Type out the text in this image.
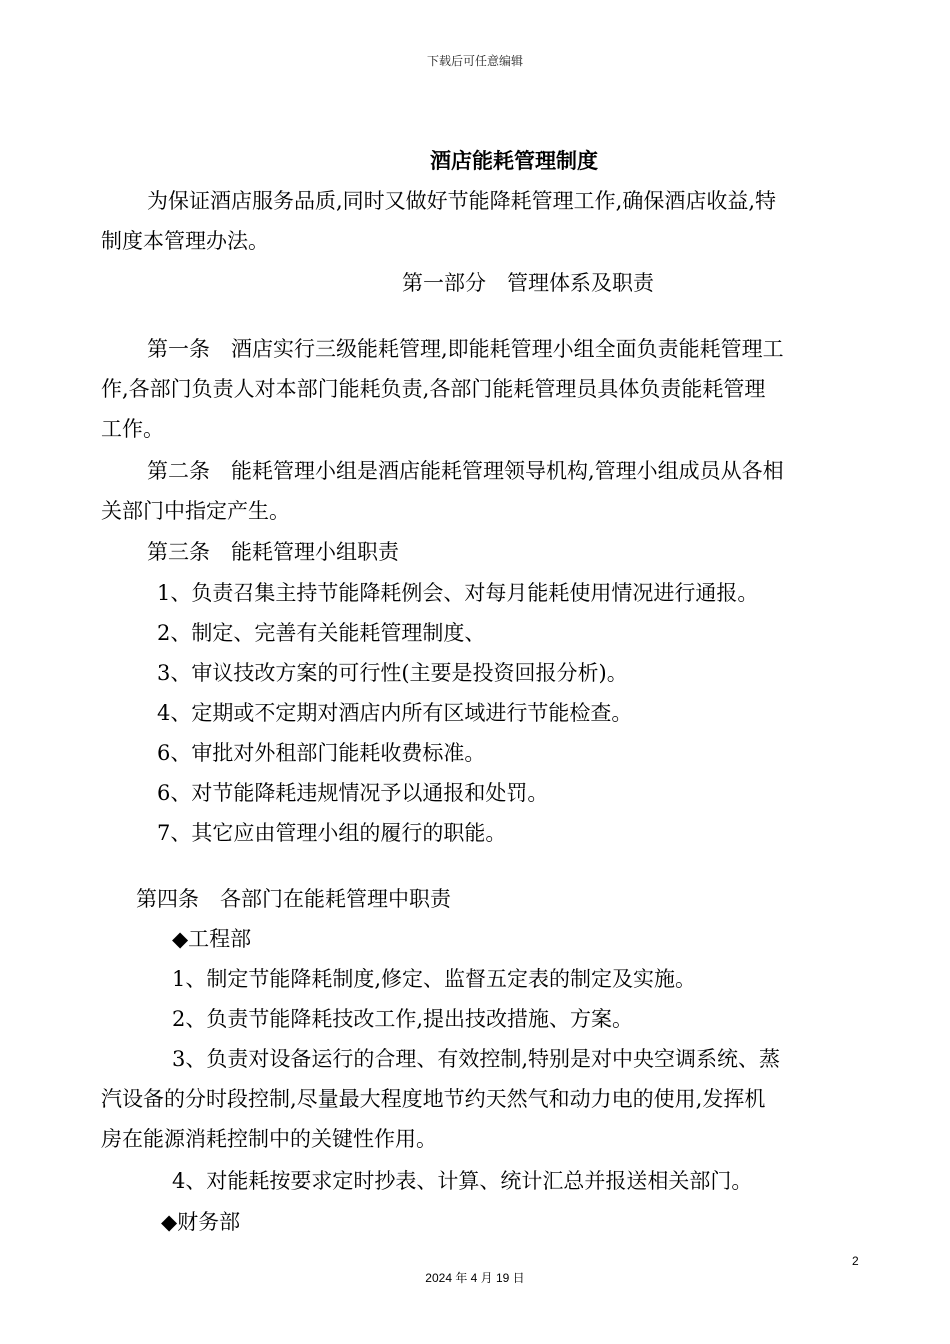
下载后可任意编辑
酒店能耗管理制度
为保证酒店服务品质,同时又做好节能降耗管理工作,确保酒店收益,特
制度本管理办法。
第一部分　管理体系及职责
第一条　酒店实行三级能耗管理,即能耗管理小组全面负责能耗管理工
作,各部门负责人对本部门能耗负责,各部门能耗管理员具体负责能耗管理
工作。
第二条　能耗管理小组是酒店能耗管理领导机构,管理小组成员从各相
关部门中指定产生。
第三条　能耗管理小组职责
1、负责召集主持节能降耗例会、对每月能耗使用情况进行通报。
2、制定、完善有关能耗管理制度、
3、审议技改方案的可行性(主要是投资回报分析)。
4、定期或不定期对酒店内所有区域进行节能检查。
6、审批对外租部门能耗收费标准。
6、对节能降耗违规情况予以通报和处罚。
7、其它应由管理小组的履行的职能。
第四条　各部门在能耗管理中职责
◆工程部
1、制定节能降耗制度,修定、监督五定表的制定及实施。
2、负责节能降耗技改工作,提出技改措施、方案。
3、负责对设备运行的合理、有效控制,特别是对中央空调系统、蒸
汽设备的分时段控制,尽量最大程度地节约天然气和动力电的使用,发挥机
房在能源消耗控制中的关键性作用。
4、对能耗按要求定时抄表、计算、统计汇总并报送相关部门。
◆财务部
2
2024 年 4 月 19 日
